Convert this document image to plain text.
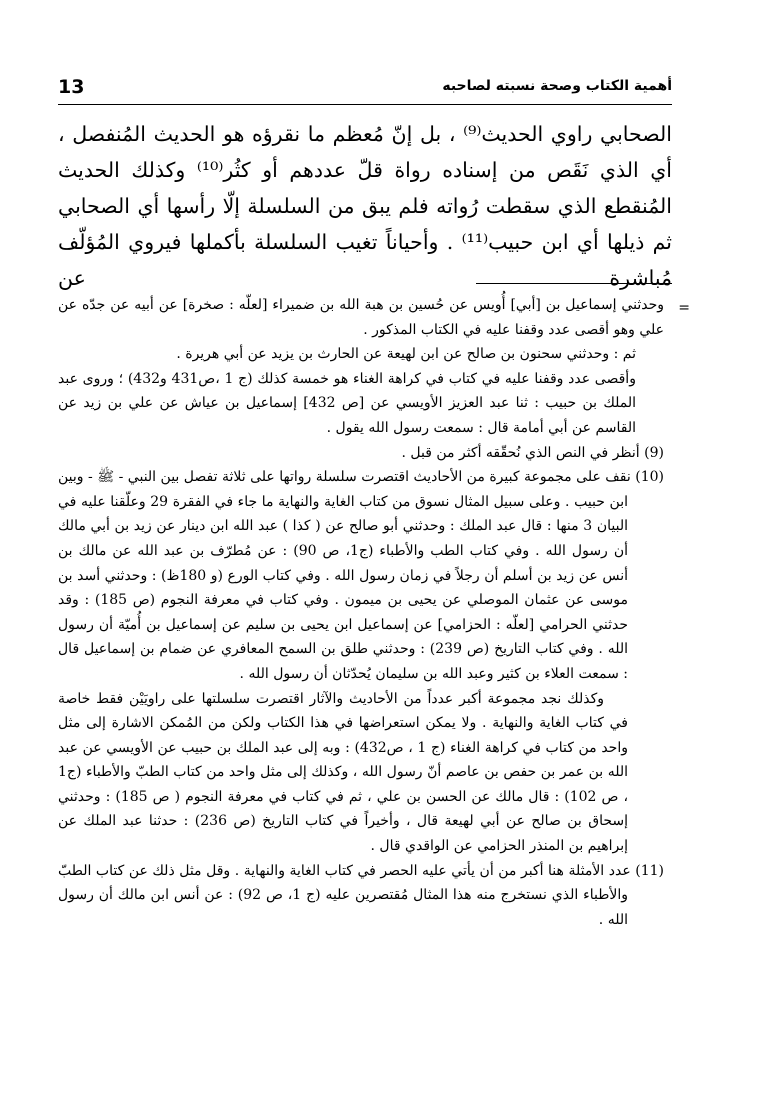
13	أهمية الكتاب وصحة نسبته لصاحبه

الصحابي راوي الحديث⁽⁹⁾ ، بل إنّ مُعظم ما نقرؤه هو الحديث المُنفصل ، أي الذي نَقَص من إسناده رواة قلّ عددهم أو كثُر⁽¹⁰⁾ وكذلك الحديث المُنقطع الذي سقطت رُواته فلم يبق من السلسلة إلّا رأسها أي الصحابي ثم ذيلها أي ابن حبيب⁽¹¹⁾ . وأحياناً تغيب السلسلة بأكملها فيروي المُؤلّف مُباشرة عن

=

وحدثني إسماعيل بن [أبي] أُويس عن حُسين بن هبة الله بن ضميراء [لعلّه : صخرة] عن أبيه عن جدّه عن علي وهو أقصى عدد وقفنا عليه في الكتاب المذكور .

ثم : وحدثني سحنون بن صالح عن ابن لهيعة عن الحارث بن يزيد عن أبي هريرة .

وأقصى عدد وقفنا عليه في كتاب في كراهة الغناء هو خمسة كذلك (ج 1 ،ص431 و432) ؛ وروى عبد الملك بن حبيب : ثنا عبد العزيز الأويسي عن [ص 432] إسماعيل بن عياش عن علي بن زيد عن القاسم عن أبي أمامة قال : سمعت رسول الله يقول .

(9) أنظر في النص الذي نُحقّقه أكثر من قبل .

(10) نقف على مجموعة كبيرة من الأحاديث اقتصرت سلسلة رواتها على ثلاثة تفصل بين النبي - ﷺ - وبين ابن حبيب . وعلى سبيل المثال نسوق من كتاب الغاية والنهاية ما جاء في الفقرة 29 وعلّقنا عليه في البيان 3 منها : قال عبد الملك : وحدثني أبو صالح عن ( كذا ) عبد الله ابن دينار عن زيد بن أبي مالك أن رسول الله . وفي كتاب الطب والأطباء (ج1، ص 90) : عن مُطرّف بن عبد الله عن مالك بن أنس عن زيد بن أسلم أن رجلاً في زمان رسول الله . وفي كتاب الورع (و 180ظ) : وحدثني أسد بن موسى عن عثمان الموصلي عن يحيى بن ميمون . وفي كتاب في معرفة النجوم (ص 185) : وقد حدثني الحرامي [لعلّه : الحزامي] عن إسماعيل ابن يحيى بن سليم عن إسماعيل بن أُميّة أن رسول الله . وفي كتاب التاريخ (ص 239) : وحدثني طلق بن السمح المعافري عن ضمام بن إسماعيل قال : سمعت العلاء بن كثير وعبد الله بن سليمان يُحدّثان أن رسول الله .

وكذلك نجد مجموعة أكبر عدداً من الأحاديث والآثار اقتصرت سلسلتها على راويَيْن فقط خاصة في كتاب الغاية والنهاية . ولا يمكن استعراضها في هذا الكتاب ولكن من المُمكن الاشارة إلى مثل واحد من كتاب في كراهة الغناء (ج 1 ، ص432) : وبه إلى عبد الملك بن حبيب عن الأويسي عن عبد الله بن عمر بن حفص بن عاصم أنّ رسول الله ، وكذلك إلى مثل واحد من كتاب الطبّ والأطباء (ج1 ، ص 102) : قال مالك عن الحسن بن علي ، ثم في كتاب في معرفة النجوم ( ص 185) : وحدثني إسحاق بن صالح عن أبي لهيعة قال ، وأخيراً في كتاب التاريخ (ص 236) : حدثنا عبد الملك عن إبراهيم بن المنذر الحزامي عن الواقدي قال .

(11) عدد الأمثلة هنا أكبر من أن يأتي عليه الحصر في كتاب الغاية والنهاية . وقل مثل ذلك عن كتاب الطبّ والأطباء الذي نستخرج منه هذا المثال مُقتصرين عليه (ج 1، ص 92) : عن أنس ابن مالك أن رسول الله .
